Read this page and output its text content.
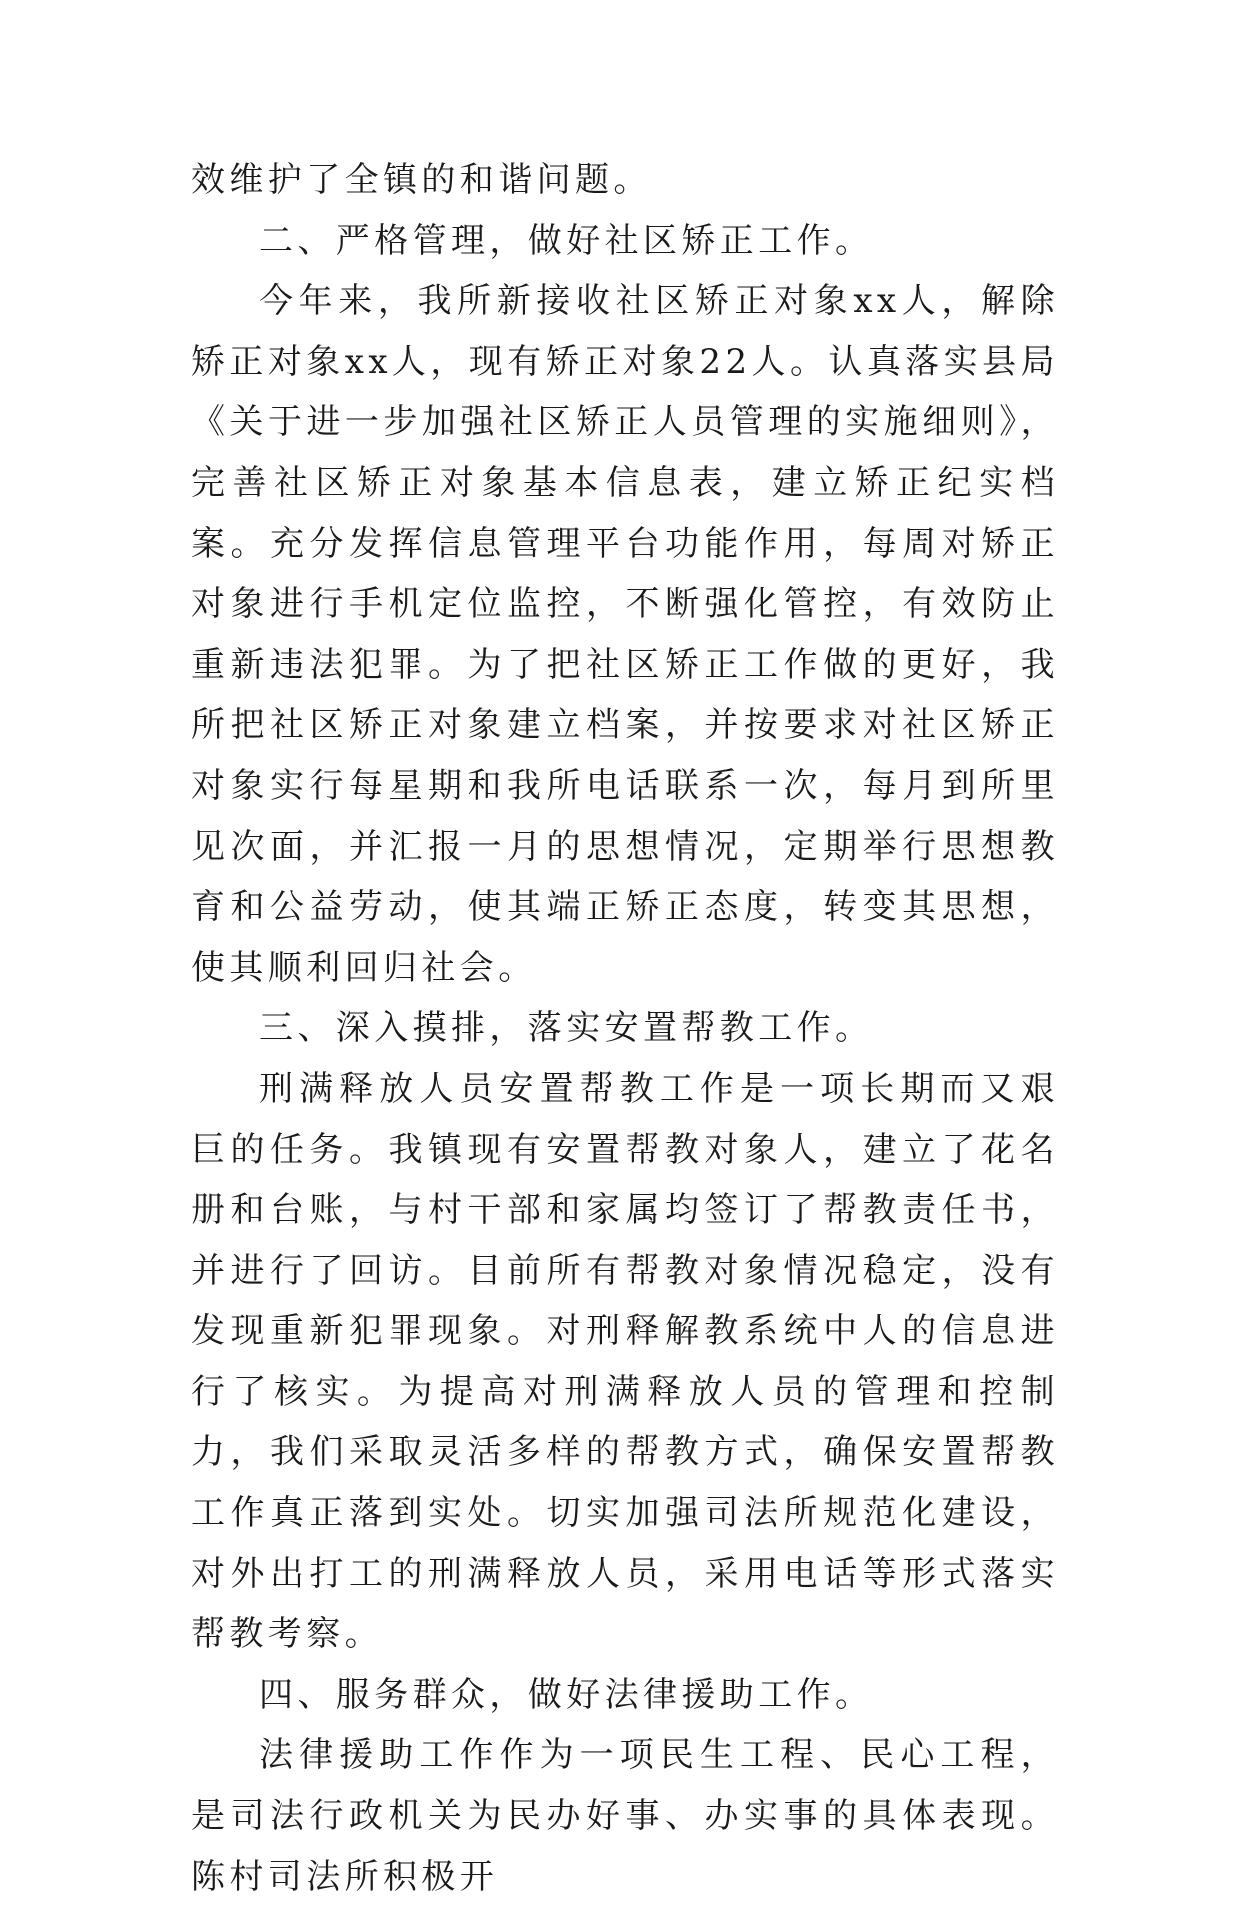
效维护了全镇的和谐问题。

二、严格管理，做好社区矫正工作。

今年来，我所新接收社区矫正对象xx人，解除矫正对象xx人，现有矫正对象22人。认真落实县局《关于进一步加强社区矫正人员管理的实施细则》，完善社区矫正对象基本信息表，建立矫正纪实档案。充分发挥信息管理平台功能作用，每周对矫正对象进行手机定位监控，不断强化管控，有效防止重新违法犯罪。为了把社区矫正工作做的更好，我所把社区矫正对象建立档案，并按要求对社区矫正对象实行每星期和我所电话联系一次，每月到所里见次面，并汇报一月的思想情况，定期举行思想教育和公益劳动，使其端正矫正态度，转变其思想，使其顺利回归社会。

三、深入摸排，落实安置帮教工作。

刑满释放人员安置帮教工作是一项长期而又艰巨的任务。我镇现有安置帮教对象人，建立了花名册和台账，与村干部和家属均签订了帮教责任书，并进行了回访。目前所有帮教对象情况稳定，没有发现重新犯罪现象。对刑释解教系统中人的信息进行了核实。为提高对刑满释放人员的管理和控制力，我们采取灵活多样的帮教方式，确保安置帮教工作真正落到实处。切实加强司法所规范化建设，对外出打工的刑满释放人员，采用电话等形式落实帮教考察。

四、服务群众，做好法律援助工作。

法律援助工作作为一项民生工程、民心工程，是司法行政机关为民办好事、办实事的具体表现。陈村司法所积极开
